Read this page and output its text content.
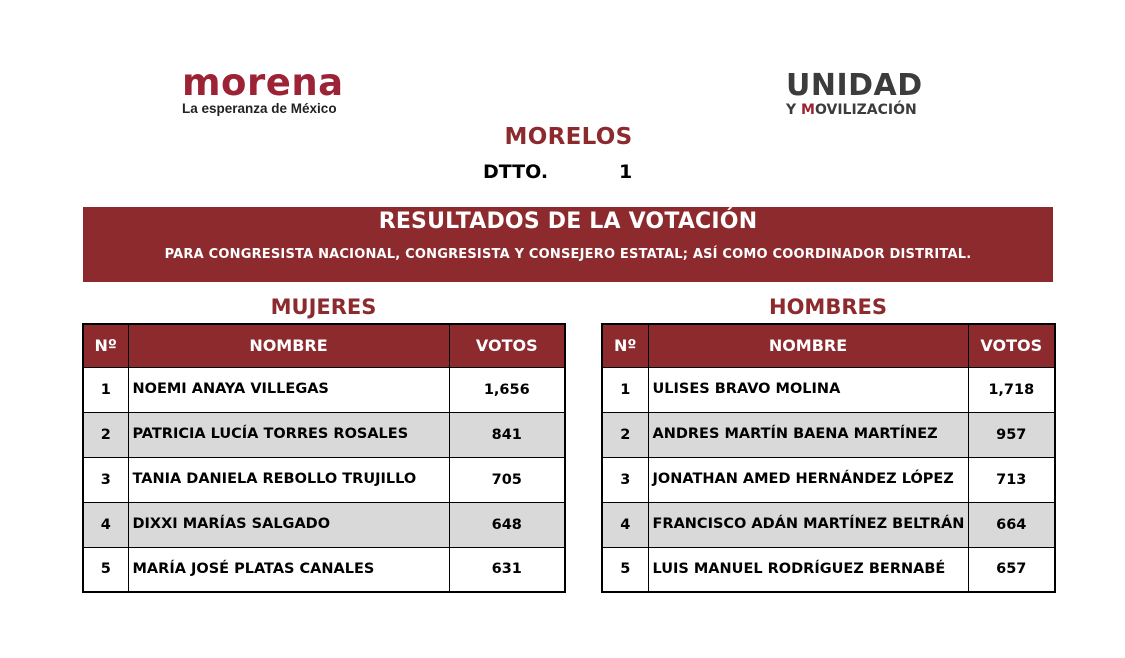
morena
La esperanza de México
UNIDAD
Y MOVILIZACIÓN
MORELOS
DTTO.	1
RESULTADOS DE LA VOTACIÓN
PARA CONGRESISTA NACIONAL, CONGRESISTA Y CONSEJERO ESTATAL; ASÍ COMO COORDINADOR DISTRITAL.
MUJERES	HOMBRES
Nº	NOMBRE	VOTOS
1	NOEMI ANAYA VILLEGAS	1,656
2	PATRICIA LUCÍA TORRES ROSALES	841
3	TANIA DANIELA REBOLLO TRUJILLO	705
4	DIXXI MARÍAS SALGADO	648
5	MARÍA JOSÉ PLATAS CANALES	631
Nº	NOMBRE	VOTOS
1	ULISES BRAVO MOLINA	1,718
2	ANDRES MARTÍN BAENA MARTÍNEZ	957
3	JONATHAN AMED HERNÁNDEZ LÓPEZ	713
4	FRANCISCO ADÁN MARTÍNEZ BELTRÁN	664
5	LUIS MANUEL RODRÍGUEZ BERNABÉ	657
